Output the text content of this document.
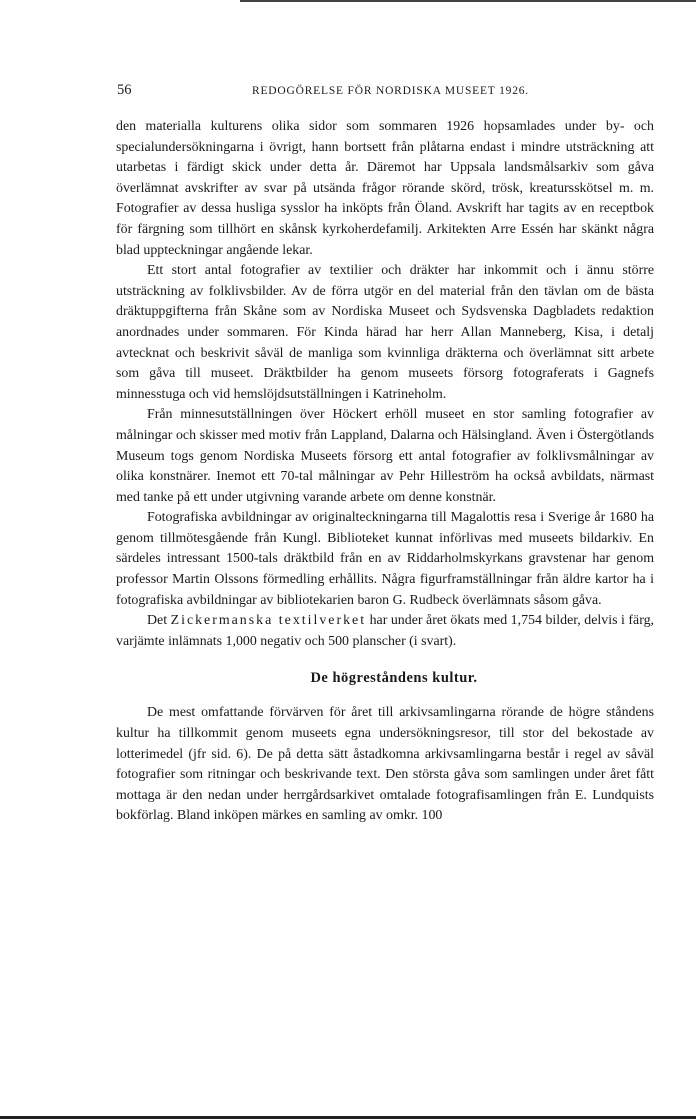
56	REDOGÖRELSE FÖR NORDISKA MUSEET 1926.

den materialla kulturens olika sidor som sommaren 1926 hopsamlades under by- och specialundersökningarna i övrigt, hann bortsett från plåtarna endast i mindre utsträckning att utarbetas i färdigt skick under detta år. Däremot har Uppsala landsmålsarkiv som gåva överlämnat avskrifter av svar på utsända frågor rörande skörd, trösk, kreatursskötsel m. m. Fotografier av dessa husliga sysslor ha inköpts från Öland. Avskrift har tagits av en receptbok för färgning som tillhört en skånsk kyrkoherdefamilj. Arkitekten Arre Essén har skänkt några blad uppteckningar angående lekar.

Ett stort antal fotografier av textilier och dräkter har inkommit och i ännu större utsträckning av folklivsbilder. Av de förra utgör en del material från den tävlan om de bästa dräktuppgifterna från Skåne som av Nordiska Museet och Sydsvenska Dagbladets redaktion anordnades under sommaren. För Kinda härad har herr Allan Manneberg, Kisa, i detalj avtecknat och beskrivit såväl de manliga som kvinnliga dräkterna och överlämnat sitt arbete som gåva till museet. Dräktbilder ha genom museets försorg fotograferats i Gagnefs minnesstuga och vid hemslöjdsutställningen i Katrineholm.

Från minnesutställningen över Höckert erhöll museet en stor samling fotografier av målningar och skisser med motiv från Lappland, Dalarna och Hälsingland. Även i Östergötlands Museum togs genom Nordiska Museets försorg ett antal fotografier av folklivsmålningar av olika konstnärer. Inemot ett 70-tal målningar av Pehr Hilleström ha också avbildats, närmast med tanke på ett under utgivning varande arbete om denne konstnär.

Fotografiska avbildningar av originalteckningarna till Magalottis resa i Sverige år 1680 ha genom tillmötesgående från Kungl. Biblioteket kunnat införlivas med museets bildarkiv. En särdeles intressant 1500-tals dräktbild från en av Riddarholmskyrkans gravstenar har genom professor Martin Olssons förmedling erhållits. Några figurframställningar från äldre kartor ha i fotografiska avbildningar av bibliotekarien baron G. Rudbeck överlämnats såsom gåva.

Det Zickermanska textilverket har under året ökats med 1,754 bilder, delvis i färg, varjämte inlämnats 1,000 negativ och 500 planscher (i svart).

De högreståndens kultur.

De mest omfattande förvärven för året till arkivsamlingarna rörande de högre ståndens kultur ha tillkommit genom museets egna undersökningsresor, till stor del bekostade av lotterimedel (jfr sid. 6). De på detta sätt åstadkomna arkivsamlingarna består i regel av såväl fotografier som ritningar och beskrivande text. Den största gåva som samlingen under året fått mottaga är den nedan under herrgårdsarkivet omtalade fotografisamlingen från E. Lundquists bokförlag. Bland inköpen märkes en samling av omkr. 100
